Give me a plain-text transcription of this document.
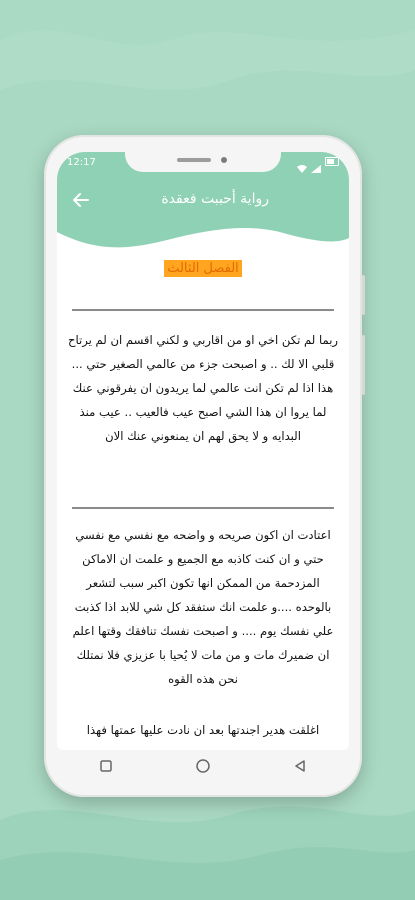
12:17
رواية أحببت فعقدة
الفصل الثالث
ربما لم تكن اخي او من اقاربي و لكني اقسم ان لم يرتاح قلبي الا لك .. و اصبحت جزء من عالمي الصغير حتي ... هذا اذا لم تكن انت عالمي لما يريدون ان يفرقوني عنك لما يروا ان هذا الشي اصبح عيب فالعيب .. عيب منذ البدايه و لا يحق لهم ان يمنعوني عنك الان
اعتادت ان اكون صريحه و واضحه مع نفسي مع نفسي حتي و ان كنت كاذبه مع الجميع و علمت ان الاماكن المزدحمة من الممكن انها تكون اكبر سبب لتشعر بالوحده ....و علمت انك ستفقد كل شي للابد اذا كذبت علي نفسك يوم .... و اصبحت نفسك تنافقك وقتها اعلم ان ضميرك مات و من مات لا يُحيا با عزيزي فلا نمتلك نحن هذه القوه
اغلقت هدير اجندتها بعد ان نادت عليها عمتها فهذا
